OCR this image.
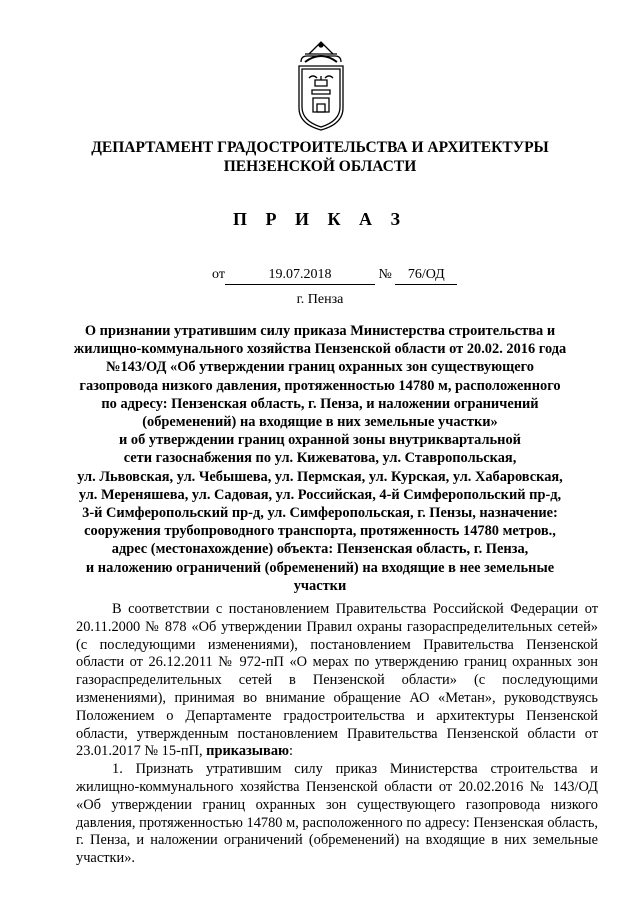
ДЕПАРТАМЕНТ ГРАДОСТРОИТЕЛЬСТВА И АРХИТЕКТУРЫ
ПЕНЗЕНСКОЙ ОБЛАСТИ
П Р И К А З
от	19.07.2018	№ 76/ОД
г. Пенза
О признании утратившим силу приказа Министерства строительства и
жилищно-коммунального хозяйства Пензенской области от 20.02. 2016 года
№143/ОД «Об утверждении границ охранных зон существующего
газопровода низкого давления, протяженностью 14780 м, расположенного
по адресу: Пензенская область, г. Пенза, и наложении ограничений
(обременений) на входящие в них земельные участки»
и об утверждении границ охранной зоны внутриквартальной
сети газоснабжения по ул. Кижеватова, ул. Ставропольская,
ул. Львовская, ул. Чебышева, ул. Пермская, ул. Курская, ул. Хабаровская,
ул. Мереняшева, ул. Садовая, ул. Российская, 4-й Симферопольский пр-д,
3-й Симферопольский пр-д, ул. Симферопольская, г. Пензы, назначение:
сооружения трубопроводного транспорта, протяженность 14780 метров.,
адрес (местонахождение) объекта: Пензенская область, г. Пенза,
и наложению ограничений (обременений) на входящие в нее земельные
участки

В соответствии с постановлением Правительства Российской Федерации от 20.11.2000 № 878 «Об утверждении Правил охраны газораспределительных сетей» (с последующими изменениями), постановлением Правительства Пензенской области от 26.12.2011 № 972-пП «О мерах по утверждению границ охранных зон газораспределительных сетей в Пензенской области» (с последующими изменениями), принимая во внимание обращение АО «Метан», руководствуясь Положением о Департаменте градостроительства и архитектуры Пензенской области, утвержденным постановлением Правительства Пензенской области от 23.01.2017 № 15-пП, приказываю:

1. Признать утратившим силу приказ Министерства строительства и жилищно-коммунального хозяйства Пензенской области от 20.02.2016 № 143/ОД «Об утверждении границ охранных зон существующего газопровода низкого давления, протяженностью 14780 м, расположенного по адресу: Пензенская область, г. Пенза, и наложении ограничений (обременений) на входящие в них земельные участки».
